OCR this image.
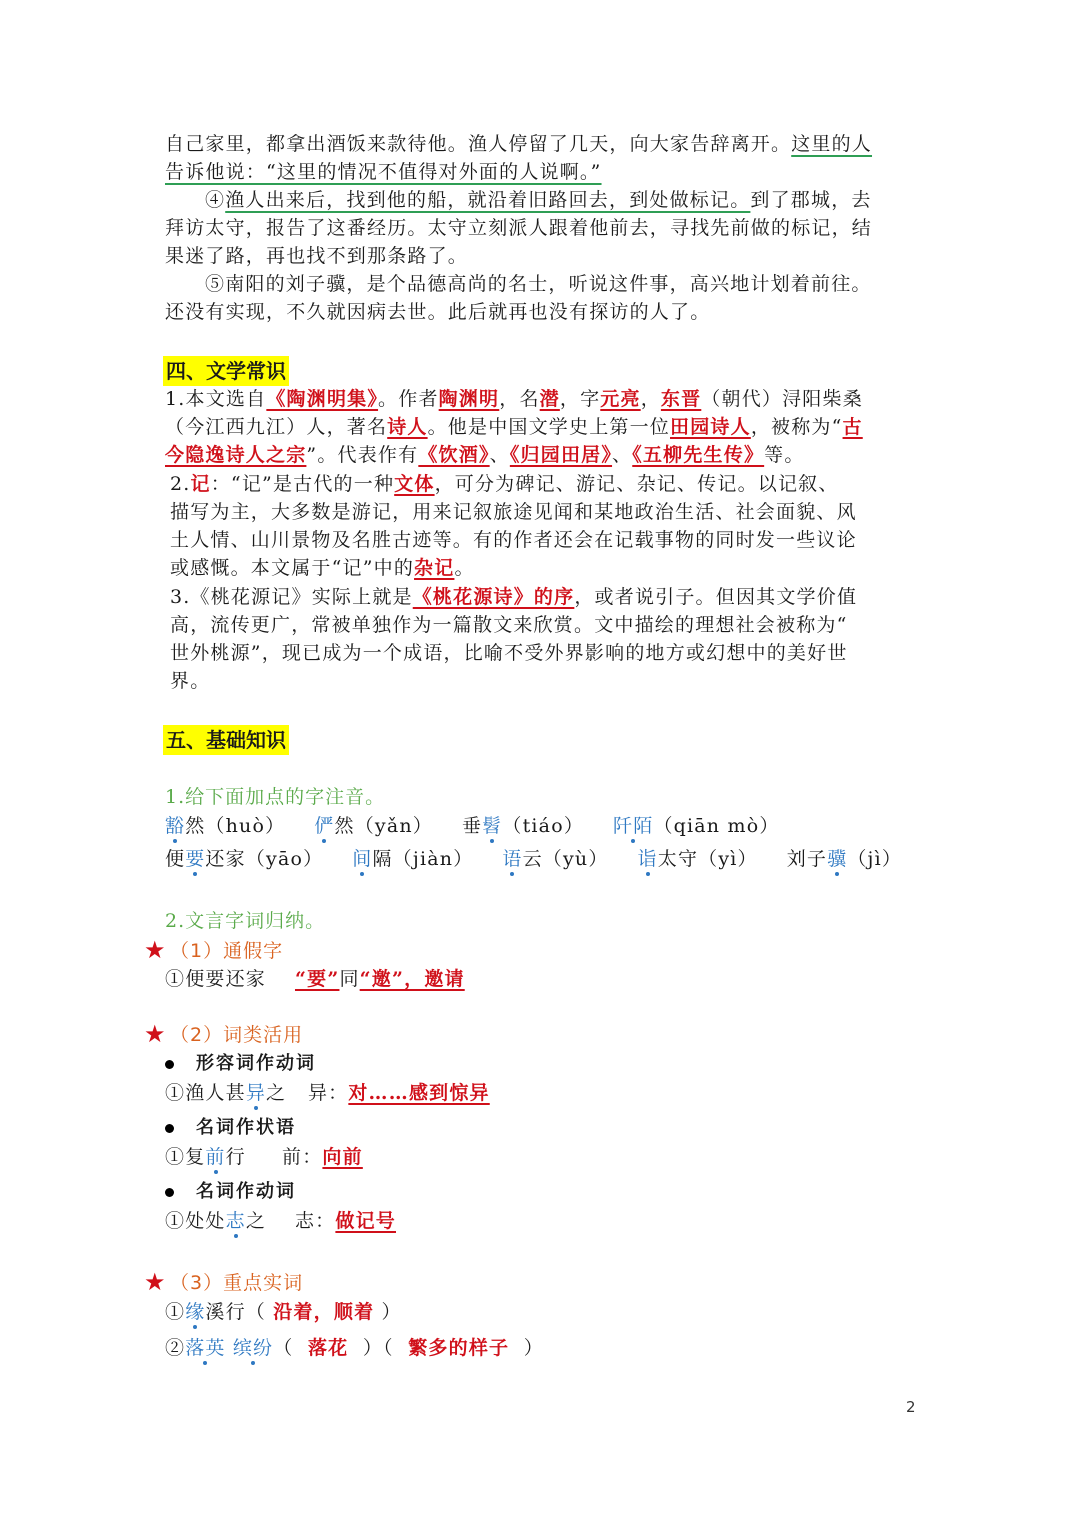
自己家里，都拿出酒饭来款待他。渔人停留了几天，向大家告辞离开。这里的人
告诉他说：“这里的情况不值得对外面的人说啊。”
④渔人出来后，找到他的船，就沿着旧路回去，到处做标记。到了郡城，去
拜访太守，报告了这番经历。太守立刻派人跟着他前去，寻找先前做的标记，结
果迷了路，再也找不到那条路了。
⑤南阳的刘子骥，是个品德高尚的名士，听说这件事，高兴地计划着前往。
还没有实现，不久就因病去世。此后就再也没有探访的人了。
四、文学常识
1.本文选自《陶渊明集》。作者陶渊明，名潜，字元亮，东晋（朝代）浔阳柴桑
（今江西九江）人，著名诗人。他是中国文学史上第一位田园诗人，被称为“古
今隐逸诗人之宗”。代表作有《饮酒》、《归园田居》、《五柳先生传》等。
2.记：“记”是古代的一种文体，可分为碑记、游记、杂记、传记。以记叙、
描写为主，大多数是游记，用来记叙旅途见闻和某地政治生活、社会面貌、风
土人情、山川景物及名胜古迹等。有的作者还会在记载事物的同时发一些议论
或感慨。本文属于“记”中的杂记。
3.《桃花源记》实际上就是《桃花源诗》的序，或者说引子。但因其文学价值
高，流传更广，常被单独作为一篇散文来欣赏。文中描绘的理想社会被称为“
世外桃源”，现已成为一个成语，比喻不受外界影响的地方或幻想中的美好世
界。
五、基础知识
1.给下面加点的字注音。
豁然（huò） 俨然（yǎn） 垂髫（tiáo） 阡陌（qiān mò）
便要还家（yāo） 间隔（jiàn） 语云（yù） 诣太守（yì） 刘子骥（jì）
2.文言字词归纳。
★ （1）通假字
①便要还家 “要”同“邀”，邀请
★ （2）词类活用
形容词作动词
①渔人甚异之 异：对……感到惊异
名词作状语
①复前行 前：向前
名词作动词
①处处志之 志：做记号
★ （3）重点实词
①缘溪行（ 沿着，顺着 ）
②落英 缤纷（ 落花 ）（ 繁多的样子 ）
2
